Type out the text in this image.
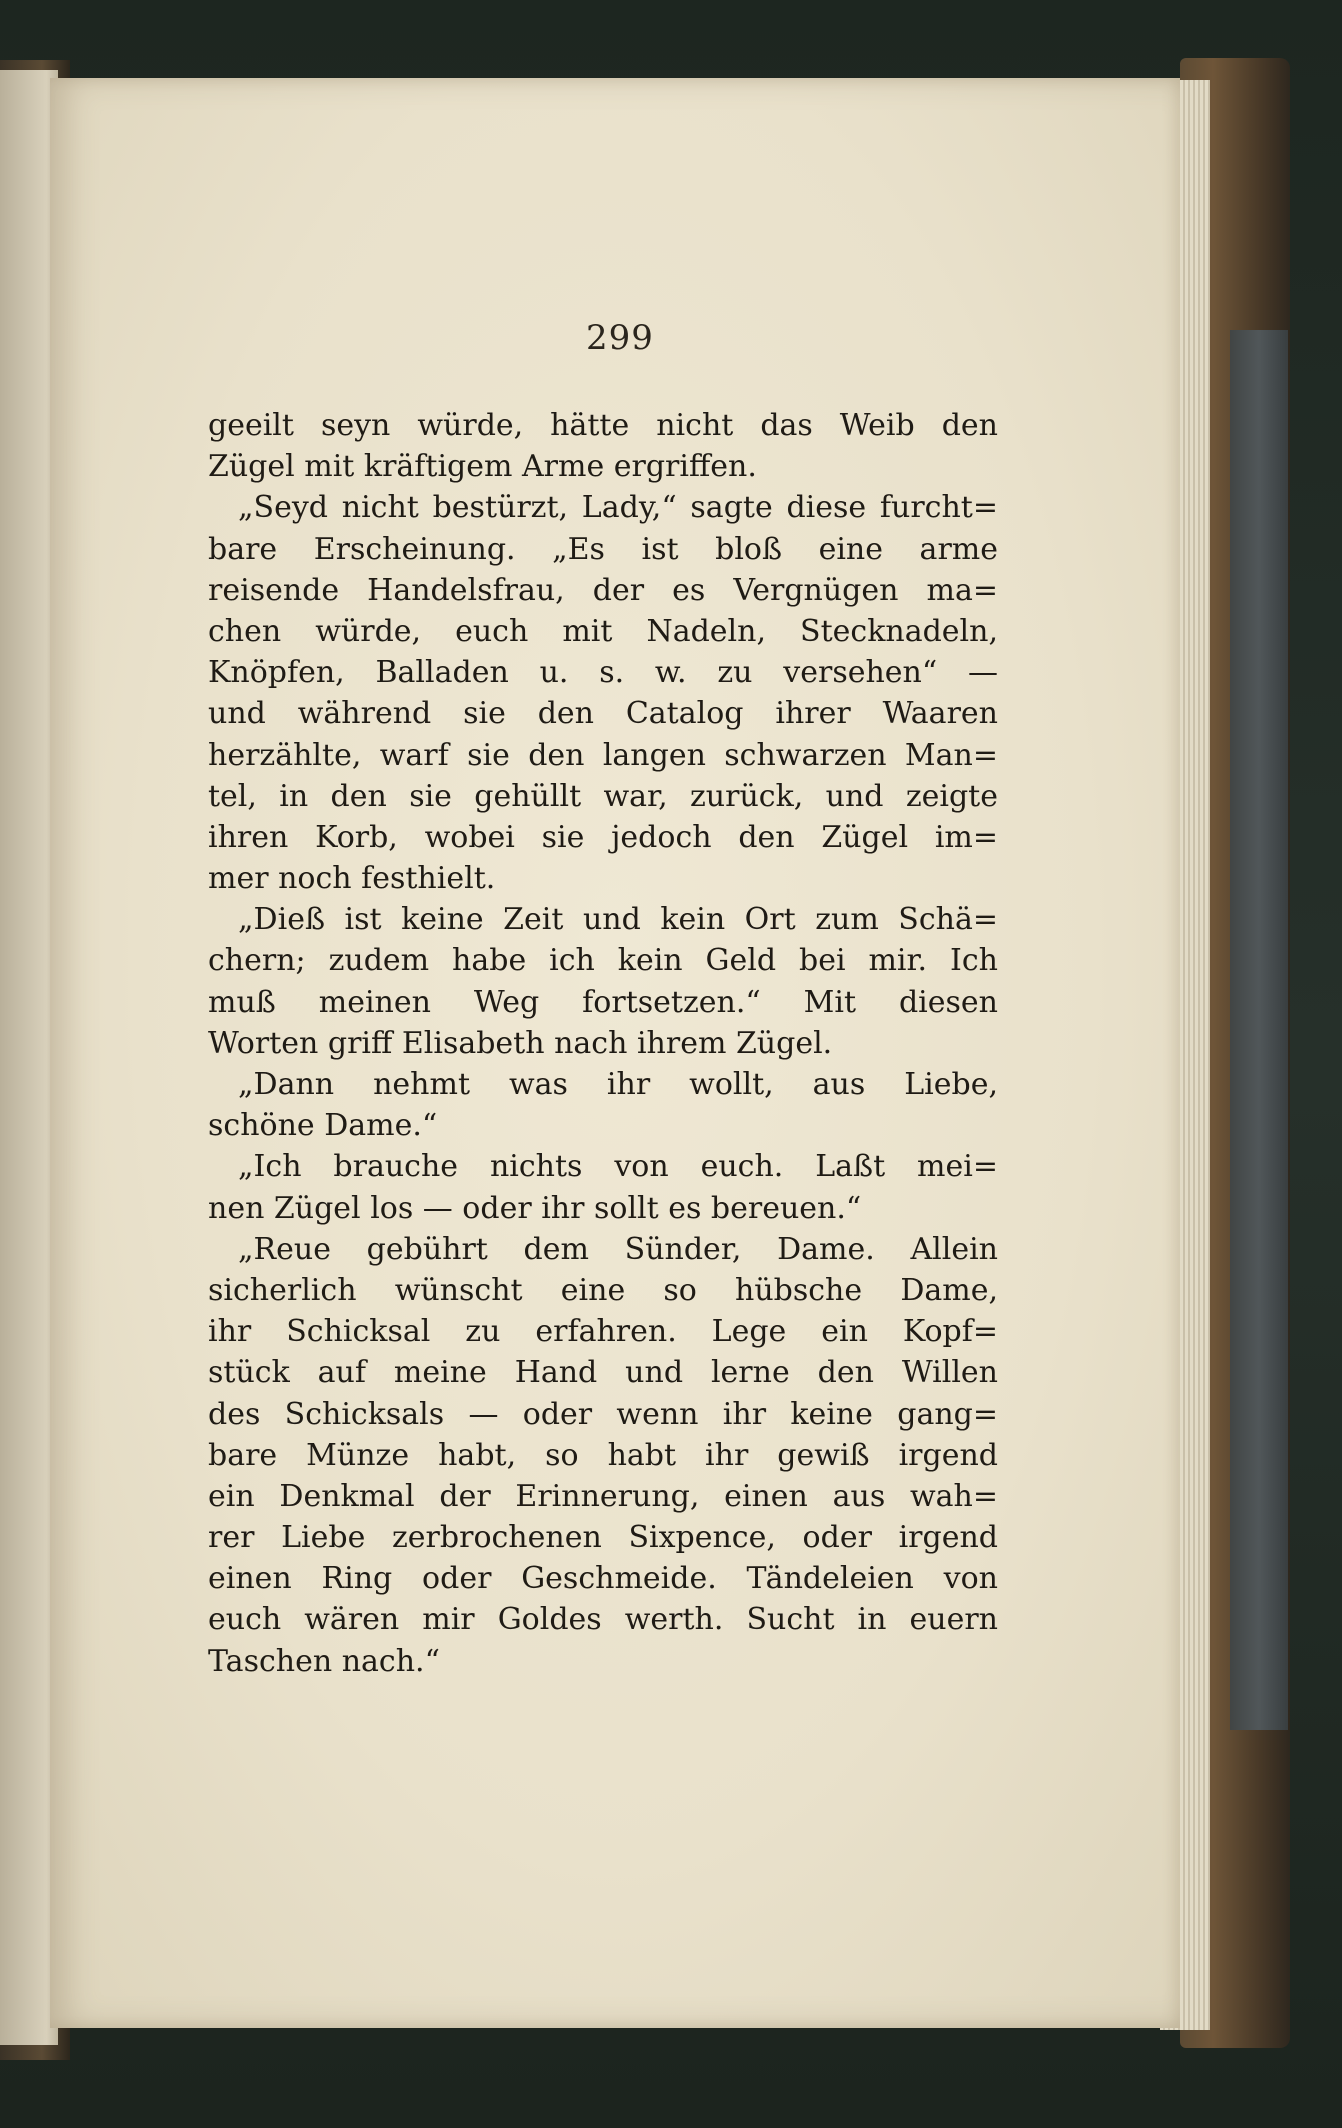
299
geeilt seyn würde, hätte nicht das Weib den
Zügel mit kräftigem Arme ergriffen.
„Seyd nicht bestürzt, Lady,“ sagte diese furcht=
bare Erscheinung. „Es ist bloß eine arme
reisende Handelsfrau, der es Vergnügen ma=
chen würde, euch mit Nadeln, Stecknadeln,
Knöpfen, Balladen u. s. w. zu versehen“ —
und während sie den Catalog ihrer Waaren
herzählte, warf sie den langen schwarzen Man=
tel, in den sie gehüllt war, zurück, und zeigte
ihren Korb, wobei sie jedoch den Zügel im=
mer noch festhielt.
„Dieß ist keine Zeit und kein Ort zum Schä=
chern; zudem habe ich kein Geld bei mir. Ich
muß meinen Weg fortsetzen.“ Mit diesen
Worten griff Elisabeth nach ihrem Zügel.
„Dann nehmt was ihr wollt, aus Liebe,
schöne Dame.“
„Ich brauche nichts von euch. Laßt mei=
nen Zügel los — oder ihr sollt es bereuen.“
„Reue gebührt dem Sünder, Dame. Allein
sicherlich wünscht eine so hübsche Dame,
ihr Schicksal zu erfahren. Lege ein Kopf=
stück auf meine Hand und lerne den Willen
des Schicksals — oder wenn ihr keine gang=
bare Münze habt, so habt ihr gewiß irgend
ein Denkmal der Erinnerung, einen aus wah=
rer Liebe zerbrochenen Sixpence, oder irgend
einen Ring oder Geschmeide. Tändeleien von
euch wären mir Goldes werth. Sucht in euern
Taschen nach.“
